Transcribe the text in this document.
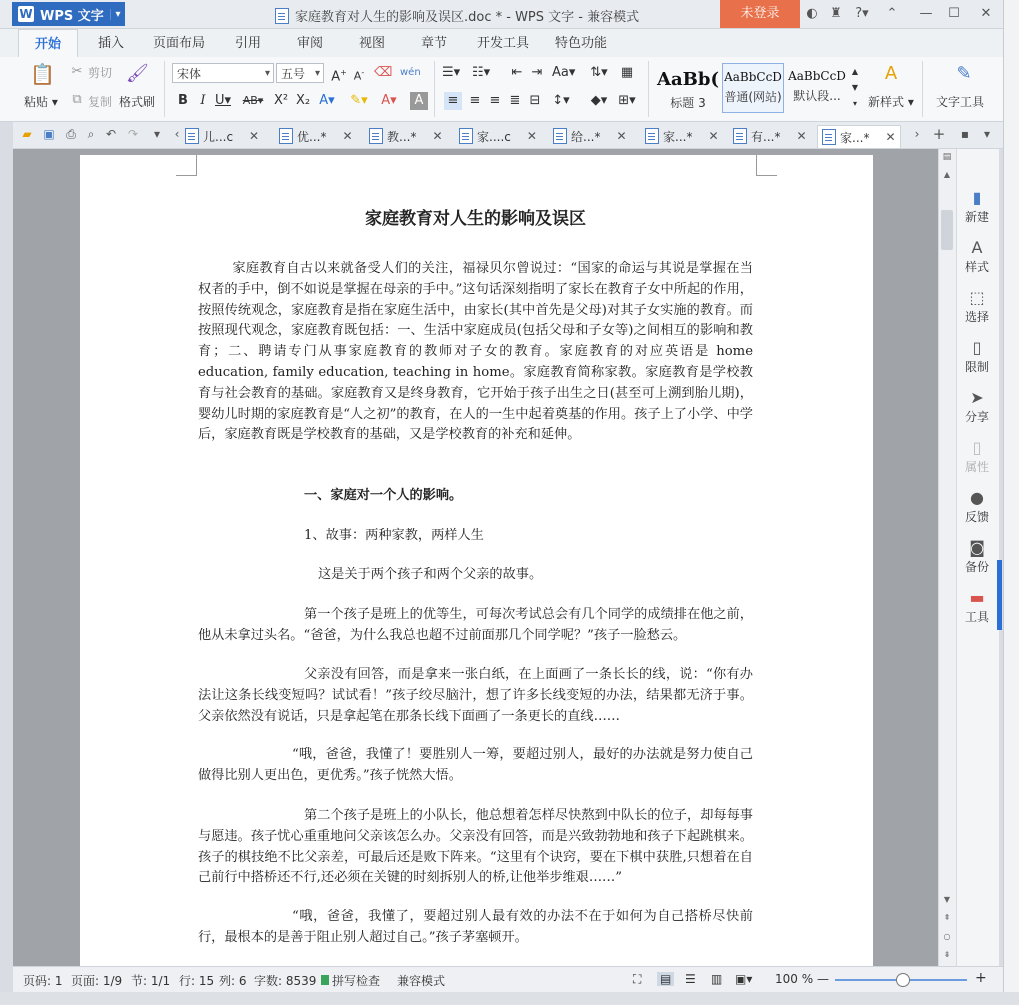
W WPS 文字	▾	家庭教育对人生的影响及误区.doc * - WPS 文字 - 兼容模式	未登录	◐ ♜	?▾	⌃	—	☐	✕
开始	插入	页面布局	引用	审阅	视图	章节	开发工具	特色功能
📋
粘贴 ▾
✂ 剪切
⧉ 复制
🖌
格式刷
宋体 ▾	五号 ▾	A+ A- ⌫ wén
B I U▾ AB▾ X² X₂ A▾ ✎▾ A▾	A
☰▾ ☷▾ ⇤ ⇥ Aa▾ ⇅▾ ▦
≡ ≡ ≡ ≣ ⊟ ↕▾ ◆▾ ⊞▾
AaBb(
标题 3
AaBbCcD
普通(网站)
AaBbCcD
默认段...
▲
▼
▾
A
新样式 ▾
✎
文字工具
▰ ▣ ⎙ ⌕ ↶ ↷	▾	‹	儿...c ✕	优...* ✕	教...* ✕	家....c ✕	给...* ✕	家...* ✕	有...* ✕	家...* ✕	› +	▪	▾

家庭教育对人生的影响及误区

家庭教育自古以来就备受人们的关注，福禄贝尔曾说过：“国家的命运与其说是掌握在当权者的手中，倒不如说是掌握在母亲的手中。”这句话深刻指明了家长在教育子女中所起的作用，按照传统观念，家庭教育是指在家庭生活中，由家长(其中首先是父母)对其子女实施的教育。而按照现代观念，家庭教育既包括：一、生活中家庭成员(包括父母和子女等)之间相互的影响和教育；二、聘请专门从事家庭教育的教师对子女的教育。家庭教育的对应英语是 home education, family education, teaching in home。家庭教育简称家教。家庭教育是学校教育与社会教育的基础。家庭教育又是终身教育，它开始于孩子出生之日(甚至可上溯到胎儿期)，婴幼儿时期的家庭教育是“人之初”的教育，在人的一生中起着奠基的作用。孩子上了小学、中学后，家庭教育既是学校教育的基础，又是学校教育的补充和延伸。

一、家庭对一个人的影响。

1、故事：两种家教，两样人生

这是关于两个孩子和两个父亲的故事。

第一个孩子是班上的优等生，可每次考试总会有几个同学的成绩排在他之前，他从未拿过头名。“爸爸，为什么我总也超不过前面那几个同学呢？”孩子一脸愁云。

父亲没有回答，而是拿来一张白纸，在上面画了一条长长的线，说：“你有办法让这条长线变短吗？试试看！”孩子绞尽脑汁，想了许多长线变短的办法，结果都无济于事。父亲依然没有说话，只是拿起笔在那条长线下面画了一条更长的直线……

“哦，爸爸，我懂了！要胜别人一筹，要超过别人，最好的办法就是努力使自己做得比别人更出色，更优秀。”孩子恍然大悟。

第二个孩子是班上的小队长，他总想着怎样尽快熬到中队长的位子，却每每事与愿违。孩子忧心重重地问父亲该怎么办。父亲没有回答，而是兴致勃勃地和孩子下起跳棋来。孩子的棋技绝不比父亲差，可最后还是败下阵来。“这里有个诀窍，要在下棋中获胜,只想着在自己前行中搭桥还不行,还必须在关键的时刻拆别人的桥,让他举步维艰……”

“哦，爸爸，我懂了，要超过别人最有效的办法不在于如何为自己搭桥尽快前行，最根本的是善于阻止别人超过自己。”孩子茅塞顿开。

▤
▲
▼
⇞
○
⇟
▮
新建
A
样式
⬚
选择
▯
限制
➤
分享
▯
属性
●
反馈
◙
备份
▬
工具
页码: 1 页面: 1/9 节: 1/1 行: 15 列: 6 字数: 8539 拼写检查 兼容模式	⛶ ▤ ☰ ▥ ▣▾ 100 % —	+
